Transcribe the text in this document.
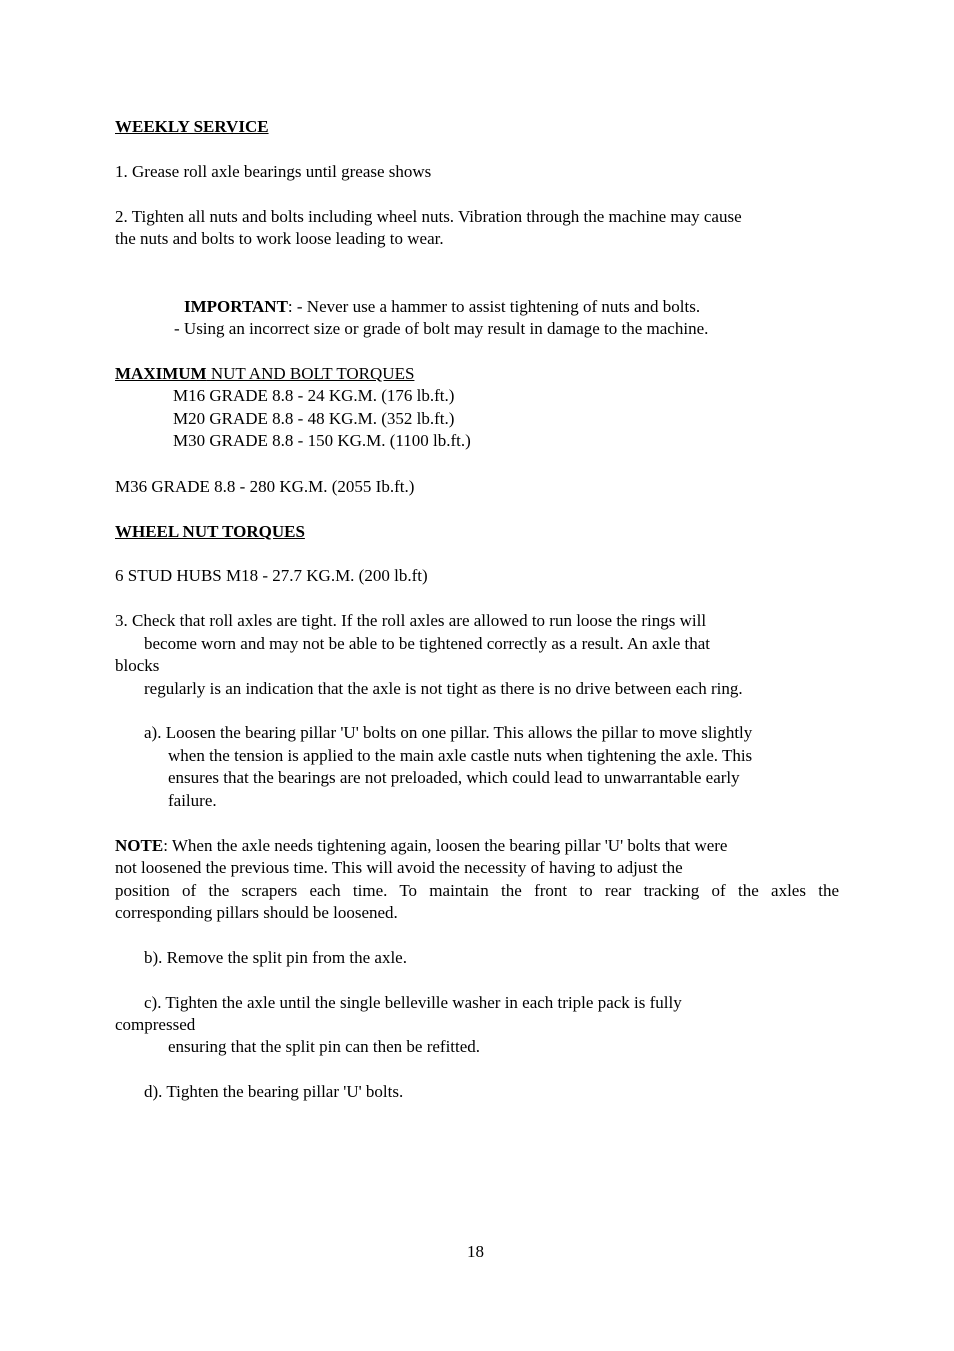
WEEKLY SERVICE
1. Grease roll axle bearings until grease shows
2. Tighten all nuts and bolts including wheel nuts. Vibration through the machine may cause
the nuts and bolts to work loose leading to wear.
IMPORTANT: - Never use a hammer to assist tightening of nuts and bolts.
- Using an incorrect size or grade of bolt may result in damage to the machine.
MAXIMUM NUT AND BOLT TORQUES
M16 GRADE 8.8 - 24 KG.M. (176 lb.ft.)
M20 GRADE 8.8 - 48 KG.M. (352 lb.ft.)
M30 GRADE 8.8 - 150 KG.M. (1100 lb.ft.)
M36 GRADE 8.8 - 280 KG.M. (2055 Ib.ft.)
WHEEL NUT TORQUES
6 STUD HUBS M18 - 27.7 KG.M. (200 lb.ft)
3. Check that roll axles are tight. If the roll axles are allowed to run loose the rings will
become worn and may not be able to be tightened correctly as a result. An axle that
blocks
regularly is an indication that the axle is not tight as there is no drive between each ring.
a). Loosen the bearing pillar 'U' bolts on one pillar. This allows the pillar to move slightly
when the tension is applied to the main axle castle nuts when tightening the axle. This
ensures that the bearings are not preloaded, which could lead to unwarrantable early
failure.
NOTE: When the axle needs tightening again, loosen the bearing pillar 'U' bolts that were
not loosened the previous time. This will avoid the necessity of having to adjust the
position of the scrapers each time. To maintain the front to rear tracking of the axles the
corresponding pillars should be loosened.
b). Remove the split pin from the axle.
c). Tighten the axle until the single belleville washer in each triple pack is fully
compressed
ensuring that the split pin can then be refitted.
d). Tighten the bearing pillar 'U' bolts.
18
